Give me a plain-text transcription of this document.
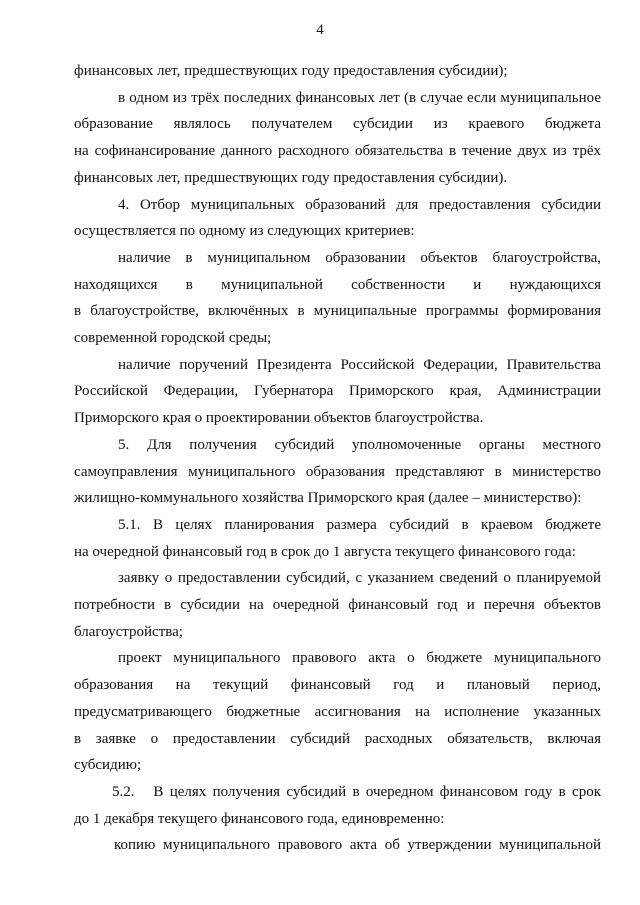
4

финансовых лет, предшествующих году предоставления субсидии);

в одном из трёх последних финансовых лет (в случае если муниципальное
образование являлось получателем субсидии из краевого бюджета
на софинансирование данного расходного обязательства в течение двух из трёх
финансовых лет, предшествующих году предоставления субсидии).

4. Отбор муниципальных образований для предоставления субсидии
осуществляется по одному из следующих критериев:

наличие в муниципальном образовании объектов благоустройства,
находящихся в муниципальной собственности и нуждающихся
в благоустройстве, включённых в муниципальные программы формирования
современной городской среды;

наличие поручений Президента Российской Федерации, Правительства
Российской Федерации, Губернатора Приморского края, Администрации
Приморского края о проектировании объектов благоустройства.

5. Для получения субсидий уполномоченные органы местного
самоуправления муниципального образования представляют в министерство
жилищно-коммунального хозяйства Приморского края (далее – министерство):

5.1. В целях планирования размера субсидий в краевом бюджете
на очередной финансовый год в срок до 1 августа текущего финансового года:

заявку о предоставлении субсидий, с указанием сведений о планируемой
потребности в субсидии на очередной финансовый год и перечня объектов
благоустройства;

проект муниципального правового акта о бюджете муниципального
образования на текущий финансовый год и плановый период,
предусматривающего бюджетные ассигнования на исполнение указанных
в заявке о предоставлении субсидий расходных обязательств, включая
субсидию;

5.2.   В целях получения субсидий в очередном финансовом году в срок
до 1 декабря текущего финансового года, единовременно:

копию муниципального правового акта об утверждении муниципальной
